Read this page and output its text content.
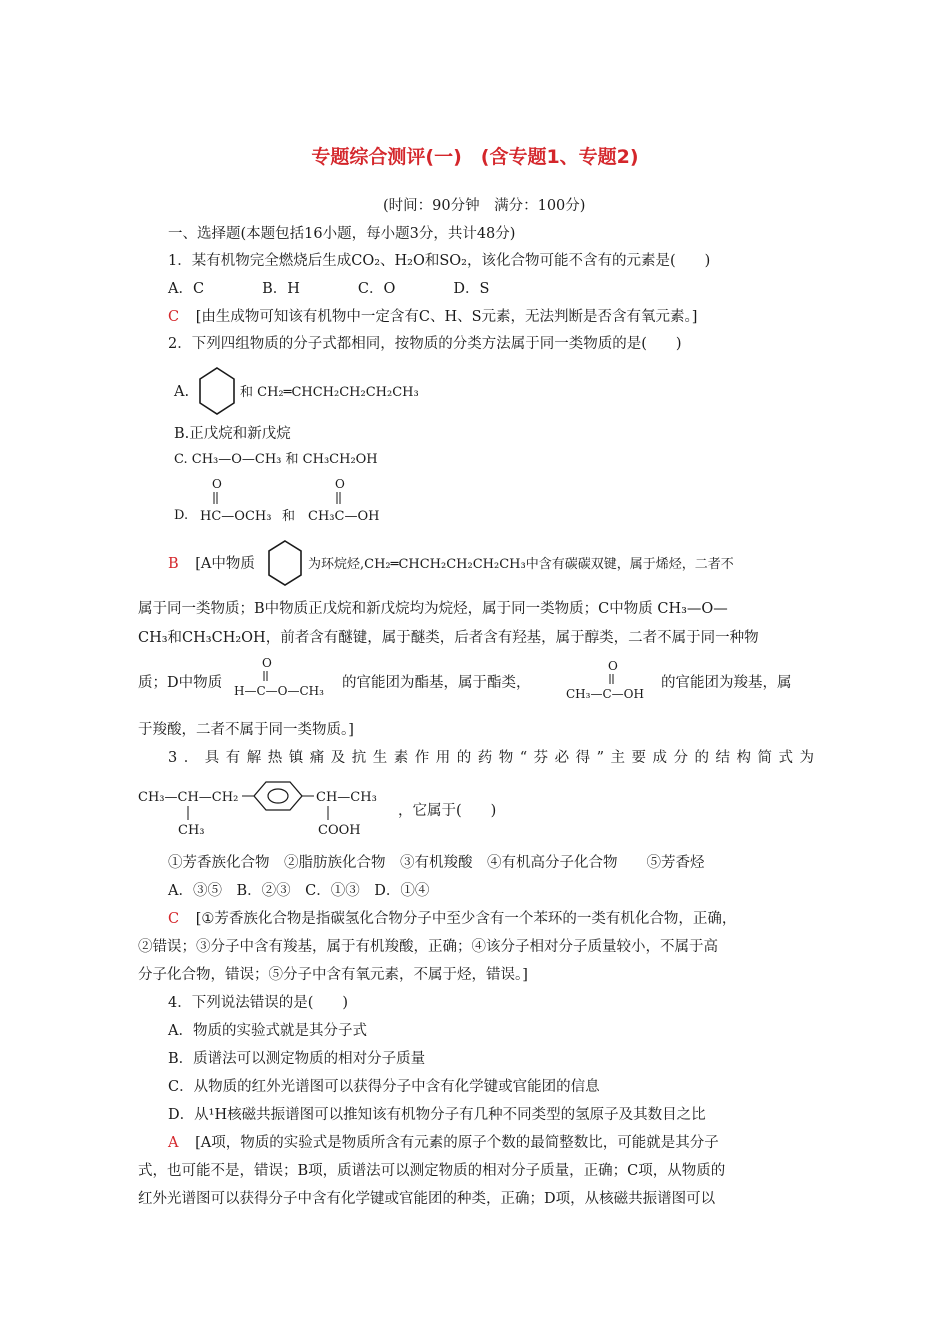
专题综合测评(一)　(含专题1、专题2)
(时间：90分钟　满分：100分)
一、选择题(本题包括16小题，每小题3分，共计48分)
1．某有机物完全燃烧后生成CO₂、H₂O和SO₂，该化合物可能不含有的元素是(　　)
A．C　　　　B．H　　　　C．O　　　　D．S
C [由生成物可知该有机物中一定含有C、H、S元素，无法判断是否含有氧元素。]
2．下列四组物质的分子式都相同，按物质的分类方法属于同一类物质的是(　　)
A.	和 CH₂═CHCH₂CH₂CH₂CH₃
B.正戊烷和新戊烷
C. CH₃—O—CH₃ 和 CH₃CH₂OH
D.
O
HC—OCH₃ 和
O
CH₃C—OH
B [A中物质	为环烷烃,CH₂═CHCH₂CH₂CH₂CH₃中含有碳碳双键，属于烯烃，二者不
属于同一类物质；B中物质正戊烷和新戊烷均为烷烃，属于同一类物质；C中物质 CH₃—O—
CH₃和CH₃CH₂OH，前者含有醚键，属于醚类，后者含有羟基，属于醇类，二者不属于同一种物
质；D中物质
O
H—C—O—CH₃ 的官能团为酯基，属于酯类，
O
CH₃—C—OH
的官能团为羧基，属
于羧酸，二者不属于同一类物质。]
3．具有解热镇痛及抗生素作用的药物“芬必得”主要成分的结构简式为
CH₃—CH—CH₂
CH₃
CH—CH₃
COOH
，它属于(　　)
①芳香族化合物　②脂肪族化合物　③有机羧酸　④有机高分子化合物　　⑤芳香烃
A．③⑤　B．②③　C．①③　D．①④
C [①芳香族化合物是指碳氢化合物分子中至少含有一个苯环的一类有机化合物，正确，
②错误；③分子中含有羧基，属于有机羧酸，正确；④该分子相对分子质量较小，不属于高
分子化合物，错误；⑤分子中含有氧元素，不属于烃，错误。]
4．下列说法错误的是(　　)
A．物质的实验式就是其分子式
B．质谱法可以测定物质的相对分子质量
C．从物质的红外光谱图可以获得分子中含有化学键或官能团的信息
D．从¹H核磁共振谱图可以推知该有机物分子有几种不同类型的氢原子及其数目之比
A [A项，物质的实验式是物质所含有元素的原子个数的最简整数比，可能就是其分子
式，也可能不是，错误；B项，质谱法可以测定物质的相对分子质量，正确；C项，从物质的
红外光谱图可以获得分子中含有化学键或官能团的种类，正确；D项，从核磁共振谱图可以
